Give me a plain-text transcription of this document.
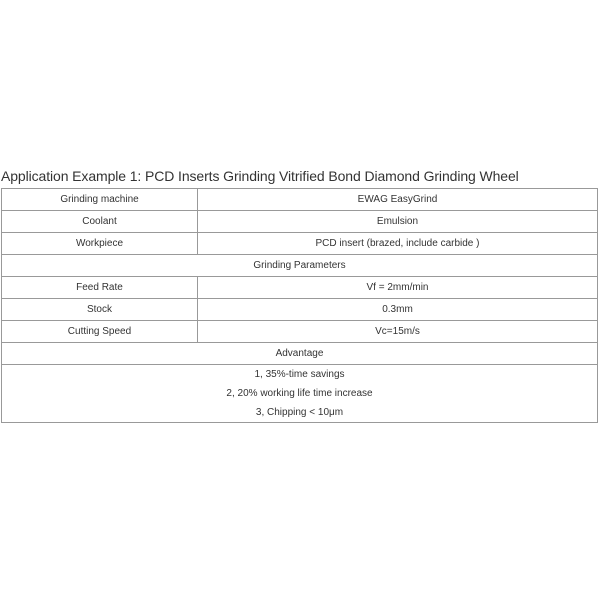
Application Example 1: PCD Inserts Grinding Vitrified Bond Diamond Grinding Wheel
Grinding machine	EWAG EasyGrind
Coolant	Emulsion
Workpiece	PCD insert (brazed, include carbide )
Grinding Parameters	
Feed Rate	Vf = 2mm/min
Stock	0.3mm
Cutting Speed	Vc=15m/s
Advantage	

1, 35%-time savings
2, 20% working life time increase
3, Chipping < 10μm	
